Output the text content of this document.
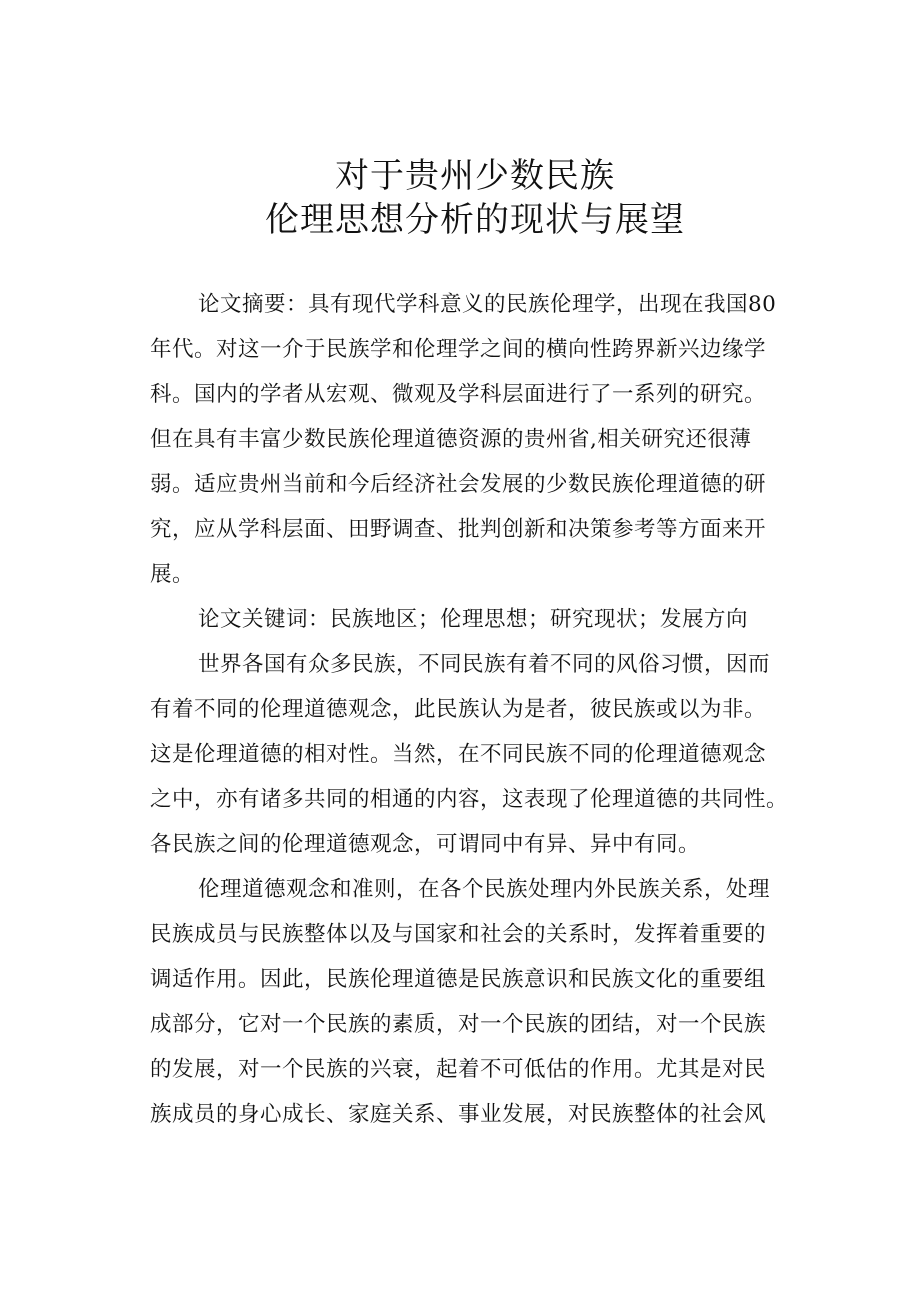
对于贵州少数民族
伦理思想分析的现状与展望
论文摘要：具有现代学科意义的民族伦理学，出现在我国80
年代。对这一介于民族学和伦理学之间的横向性跨界新兴边缘学
科。国内的学者从宏观、微观及学科层面进行了一系列的研究。
但在具有丰富少数民族伦理道德资源的贵州省,相关研究还很薄
弱。适应贵州当前和今后经济社会发展的少数民族伦理道德的研
究，应从学科层面、田野调查、批判创新和决策参考等方面来开
展。
论文关键词：民族地区；伦理思想；研究现状；发展方向
世界各国有众多民族，不同民族有着不同的风俗习惯，因而
有着不同的伦理道德观念，此民族认为是者，彼民族或以为非。
这是伦理道德的相对性。当然，在不同民族不同的伦理道德观念
之中，亦有诸多共同的相通的内容，这表现了伦理道德的共同性。
各民族之间的伦理道德观念，可谓同中有异、异中有同。
伦理道德观念和准则，在各个民族处理内外民族关系，处理
民族成员与民族整体以及与国家和社会的关系时，发挥着重要的
调适作用。因此，民族伦理道德是民族意识和民族文化的重要组
成部分，它对一个民族的素质，对一个民族的团结，对一个民族
的发展，对一个民族的兴衰，起着不可低估的作用。尤其是对民
族成员的身心成长、家庭关系、事业发展，对民族整体的社会风
